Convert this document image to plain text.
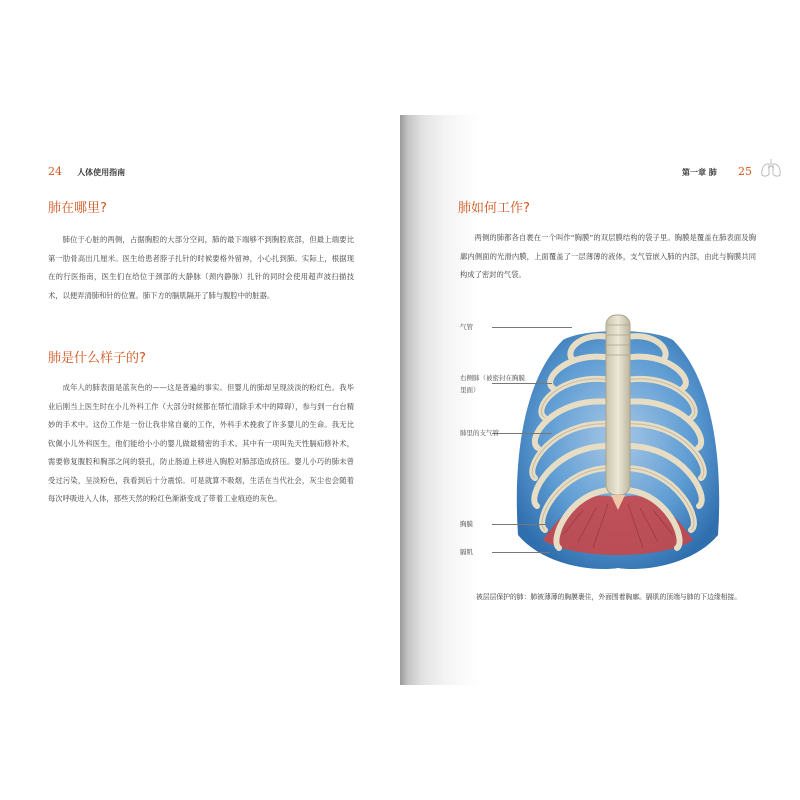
24 人体使用指南
肺在哪里?

肺位于心脏的两侧，占据胸腔的大部分空间，肺的最下端够不到胸腔底部，但最上端要比第一肋骨高出几厘米。医生给患者脖子扎针的时候要格外留神，小心扎到肺。实际上，根据现在的行医指南，医生们在给位于颈部的大静脉（颈内静脉）扎针的同时会使用超声波扫描技术，以便弄清肺和针的位置。肺下方的膈肌隔开了肺与腹腔中的脏器。

肺是什么样子的?

成年人的肺表面是蓝灰色的——这是普遍的事实。但婴儿的肺却呈现淡淡的粉红色。我毕业后刚当上医生时在小儿外科工作（大部分时候都在帮忙清除手术中的障碍），参与到一台台精妙的手术中。这份工作是一份让我非常自豪的工作，外科手术挽救了许多婴儿的生命。我无比钦佩小儿外科医生，他们能给小小的婴儿做最精密的手术。其中有一项叫先天性膈疝修补术，需要修复腹腔和胸部之间的裂孔，防止肠道上移进入胸腔对肺部造成挤压。婴儿小巧的肺未曾受过污染，呈淡粉色，我看到后十分震惊。可是就算不吸烟，生活在当代社会，灰尘也会随着每次呼吸进入人体，那些天然的粉红色渐渐变成了带着工业痕迹的灰色。

第一章 肺 25
肺如何工作?

两侧的肺都各自裹在一个叫作“胸膜”的双层膜结构的袋子里。胸膜是覆盖在肺表面及胸廓内侧面的光滑内膜，上面覆盖了一层薄薄的液体，支气管嵌入肺的内部，由此与胸膜共同构成了密封的气袋。

气管
右侧肺（被密封在胸膜里面）
肺里的支气管
胸膜
膈肌

被层层保护的肺：肺被薄薄的胸膜裹住，外面围着胸廓。膈肌的顶端与肺的下边缘相接。
